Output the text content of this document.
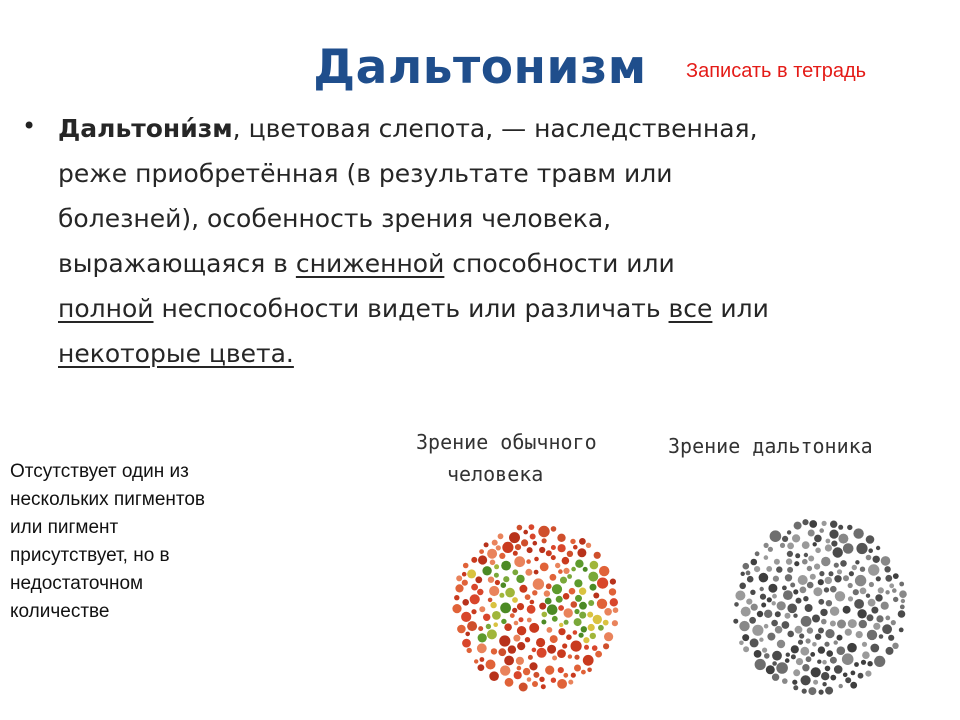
Дальтонизм	Записать в тетрадь
• Дальтони́зм, цветовая слепота, — наследственная,
реже приобретённая (в результате травм или
болезней), особенность зрения человека,
выражающаяся в сниженной способности или
полной неспособности видеть или различать все или
некоторые цвета.
Отсутствует один из
нескольких пигментов
или пигмент
присутствует, но в
недостаточном
количестве
Зрение обычного
человека
Зрение дальтоника
